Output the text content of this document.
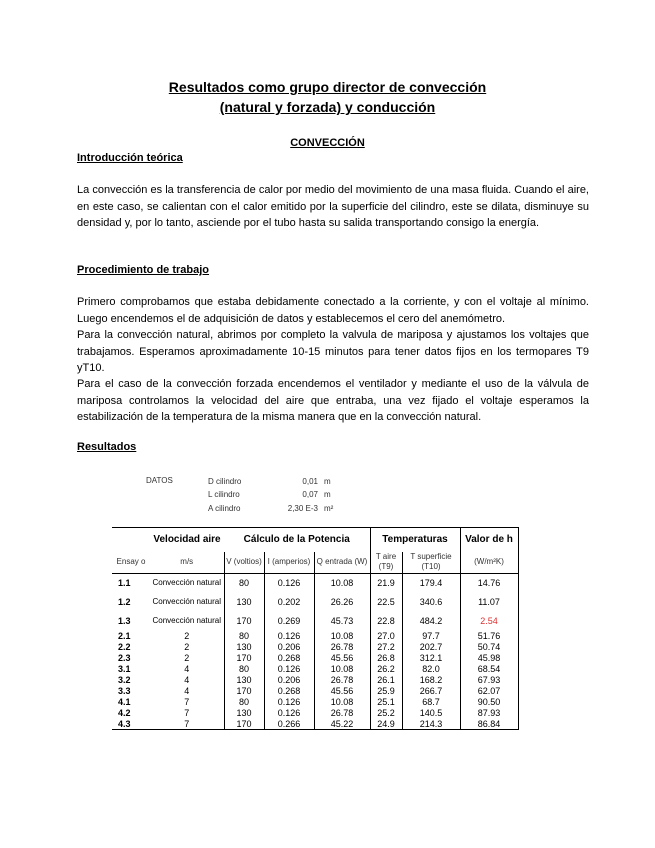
Resultados como grupo director de convección
(natural y forzada) y conducción
CONVECCIÓN
Introducción teórica

La convección es la transferencia de calor por medio del movimiento de una masa fluida. Cuando el aire, en este caso, se calientan con el calor emitido por la superficie del cilindro, este se dilata, disminuye su densidad y, por lo tanto, asciende por el tubo hasta su salida transportando consigo la energía.

Procedimiento de trabajo

Primero comprobamos que estaba debidamente conectado a la corriente, y con el voltaje al mínimo. Luego encendemos el de adquisición de datos y establecemos el cero del anemómetro.

Para la convección natural, abrimos por completo la valvula de mariposa y ajustamos los voltajes que trabajamos. Esperamos aproximadamente 10-15 minutos para tener datos fijos en los termopares T9 yT10.

Para el caso de la convección forzada encendemos el ventilador y mediante el uso de la válvula de mariposa controlamos la velocidad del aire que entraba, una vez fijado el voltaje esperamos la estabilización de la temperatura de la misma manera que en la convección natural.

Resultados
DATOS	D cilindro	0,01 m
L cilindro	0,07 m
A cilindro	2,30 E-3 m²
	Velocidad aire	Cálculo de la Potencia			Temperaturas		Valor de h
Ensay o	m/s	V (voltios)	I (amperios)	Q entrada (W)	T aire (T9)	T superficie (T10)	(W/m²K)
1.1	Convección natural	80	0.126	10.08	21.9	179.4	14.76
1.2	Convección natural	130	0.202	26.26	22.5	340.6	11.07
1.3	Convección natural	170	0.269	45.73	22.8	484.2	2.54
2.1	2	80	0.126	10.08	27.0	97.7	51.76
2.2	2	130	0.206	26.78	27.2	202.7	50.74
2.3	2	170	0.268	45.56	26.8	312.1	45.98
3.1	4	80	0.126	10.08	26.2	82.0	68.54
3.2	4	130	0.206	26.78	26.1	168.2	67.93
3.3	4	170	0.268	45.56	25.9	266.7	62.07
4.1	7	80	0.126	10.08	25.1	68.7	90.50
4.2	7	130	0.126	26.78	25.2	140.5	87.93
4.3	7	170	0.266	45.22	24.9	214.3	86.84
